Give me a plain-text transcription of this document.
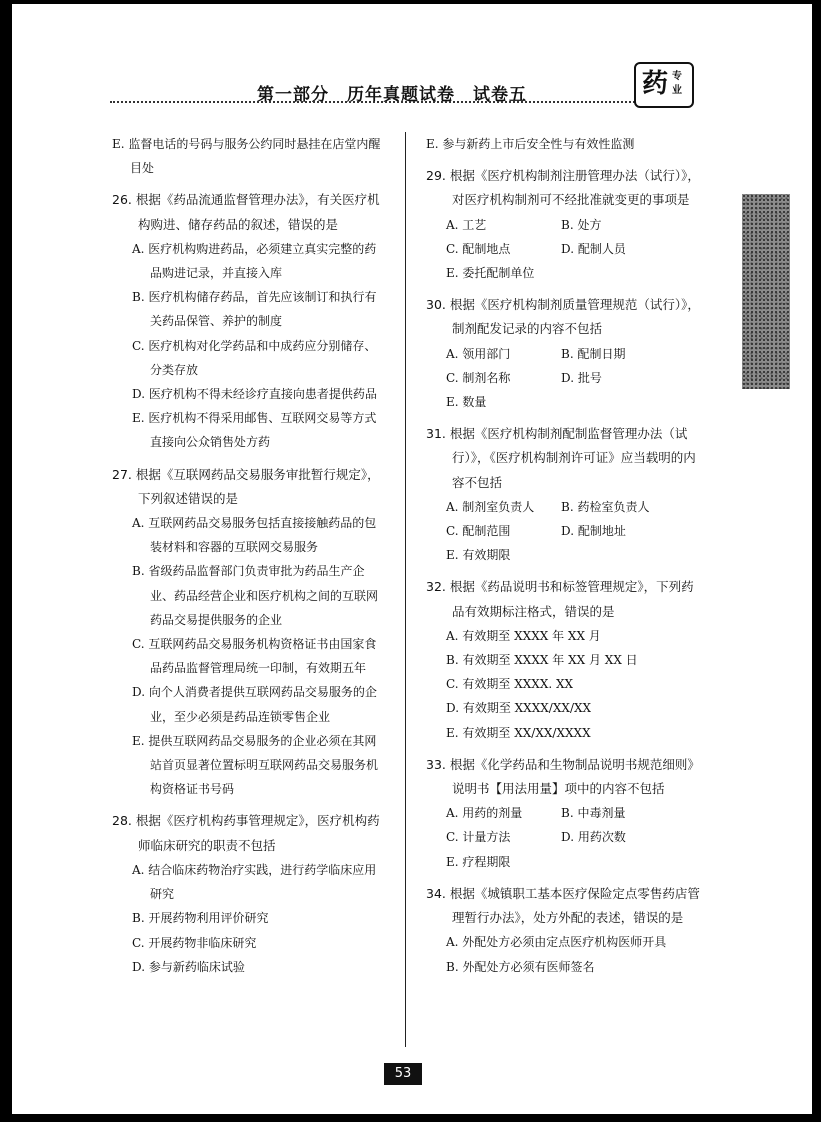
第一部分　历年真题试卷　试卷五	药 专业
E. 监督电话的号码与服务公约同时悬挂在店堂内醒目处
26. 根据《药品流通监督管理办法》，有关医疗机构购进、储存药品的叙述，错误的是
A. 医疗机构购进药品，必须建立真实完整的药品购进记录，并直接入库
B. 医疗机构储存药品，首先应该制订和执行有关药品保管、养护的制度
C. 医疗机构对化学药品和中成药应分别储存、分类存放
D. 医疗机构不得未经诊疗直接向患者提供药品
E. 医疗机构不得采用邮售、互联网交易等方式直接向公众销售处方药
27. 根据《互联网药品交易服务审批暂行规定》，下列叙述错误的是
A. 互联网药品交易服务包括直接接触药品的包装材料和容器的互联网交易服务
B. 省级药品监督部门负责审批为药品生产企业、药品经营企业和医疗机构之间的互联网药品交易提供服务的企业
C. 互联网药品交易服务机构资格证书由国家食品药品监督管理局统一印制，有效期五年
D. 向个人消费者提供互联网药品交易服务的企业，至少必须是药品连锁零售企业
E. 提供互联网药品交易服务的企业必须在其网站首页显著位置标明互联网药品交易服务机构资格证书号码
28. 根据《医疗机构药事管理规定》，医疗机构药师临床研究的职责不包括
A. 结合临床药物治疗实践，进行药学临床应用研究
B. 开展药物利用评价研究
C. 开展药物非临床研究
D. 参与新药临床试验
E. 参与新药上市后安全性与有效性监测
29. 根据《医疗机构制剂注册管理办法（试行）》，对医疗机构制剂可不经批准就变更的事项是
A. 工艺	B. 处方
C. 配制地点	D. 配制人员
E. 委托配制单位
30. 根据《医疗机构制剂质量管理规范（试行）》，制剂配发记录的内容不包括
A. 领用部门	B. 配制日期
C. 制剂名称	D. 批号
E. 数量
31. 根据《医疗机构制剂配制监督管理办法（试行）》，《医疗机构制剂许可证》应当载明的内容不包括
A. 制剂室负责人	B. 药检室负责人
C. 配制范围	D. 配制地址
E. 有效期限
32. 根据《药品说明书和标签管理规定》，下列药品有效期标注格式，错误的是
A. 有效期至 XXXX 年 XX 月
B. 有效期至 XXXX 年 XX 月 XX 日
C. 有效期至 XXXX. XX
D. 有效期至 XXXX/XX/XX
E. 有效期至 XX/XX/XXXX
33. 根据《化学药品和生物制品说明书规范细则》说明书【用法用量】项中的内容不包括
A. 用药的剂量	B. 中毒剂量
C. 计量方法	D. 用药次数
E. 疗程期限
34. 根据《城镇职工基本医疗保险定点零售药店管理暂行办法》，处方外配的表述，错误的是
A. 外配处方必须由定点医疗机构医师开具
B. 外配处方必须有医师签名
53
